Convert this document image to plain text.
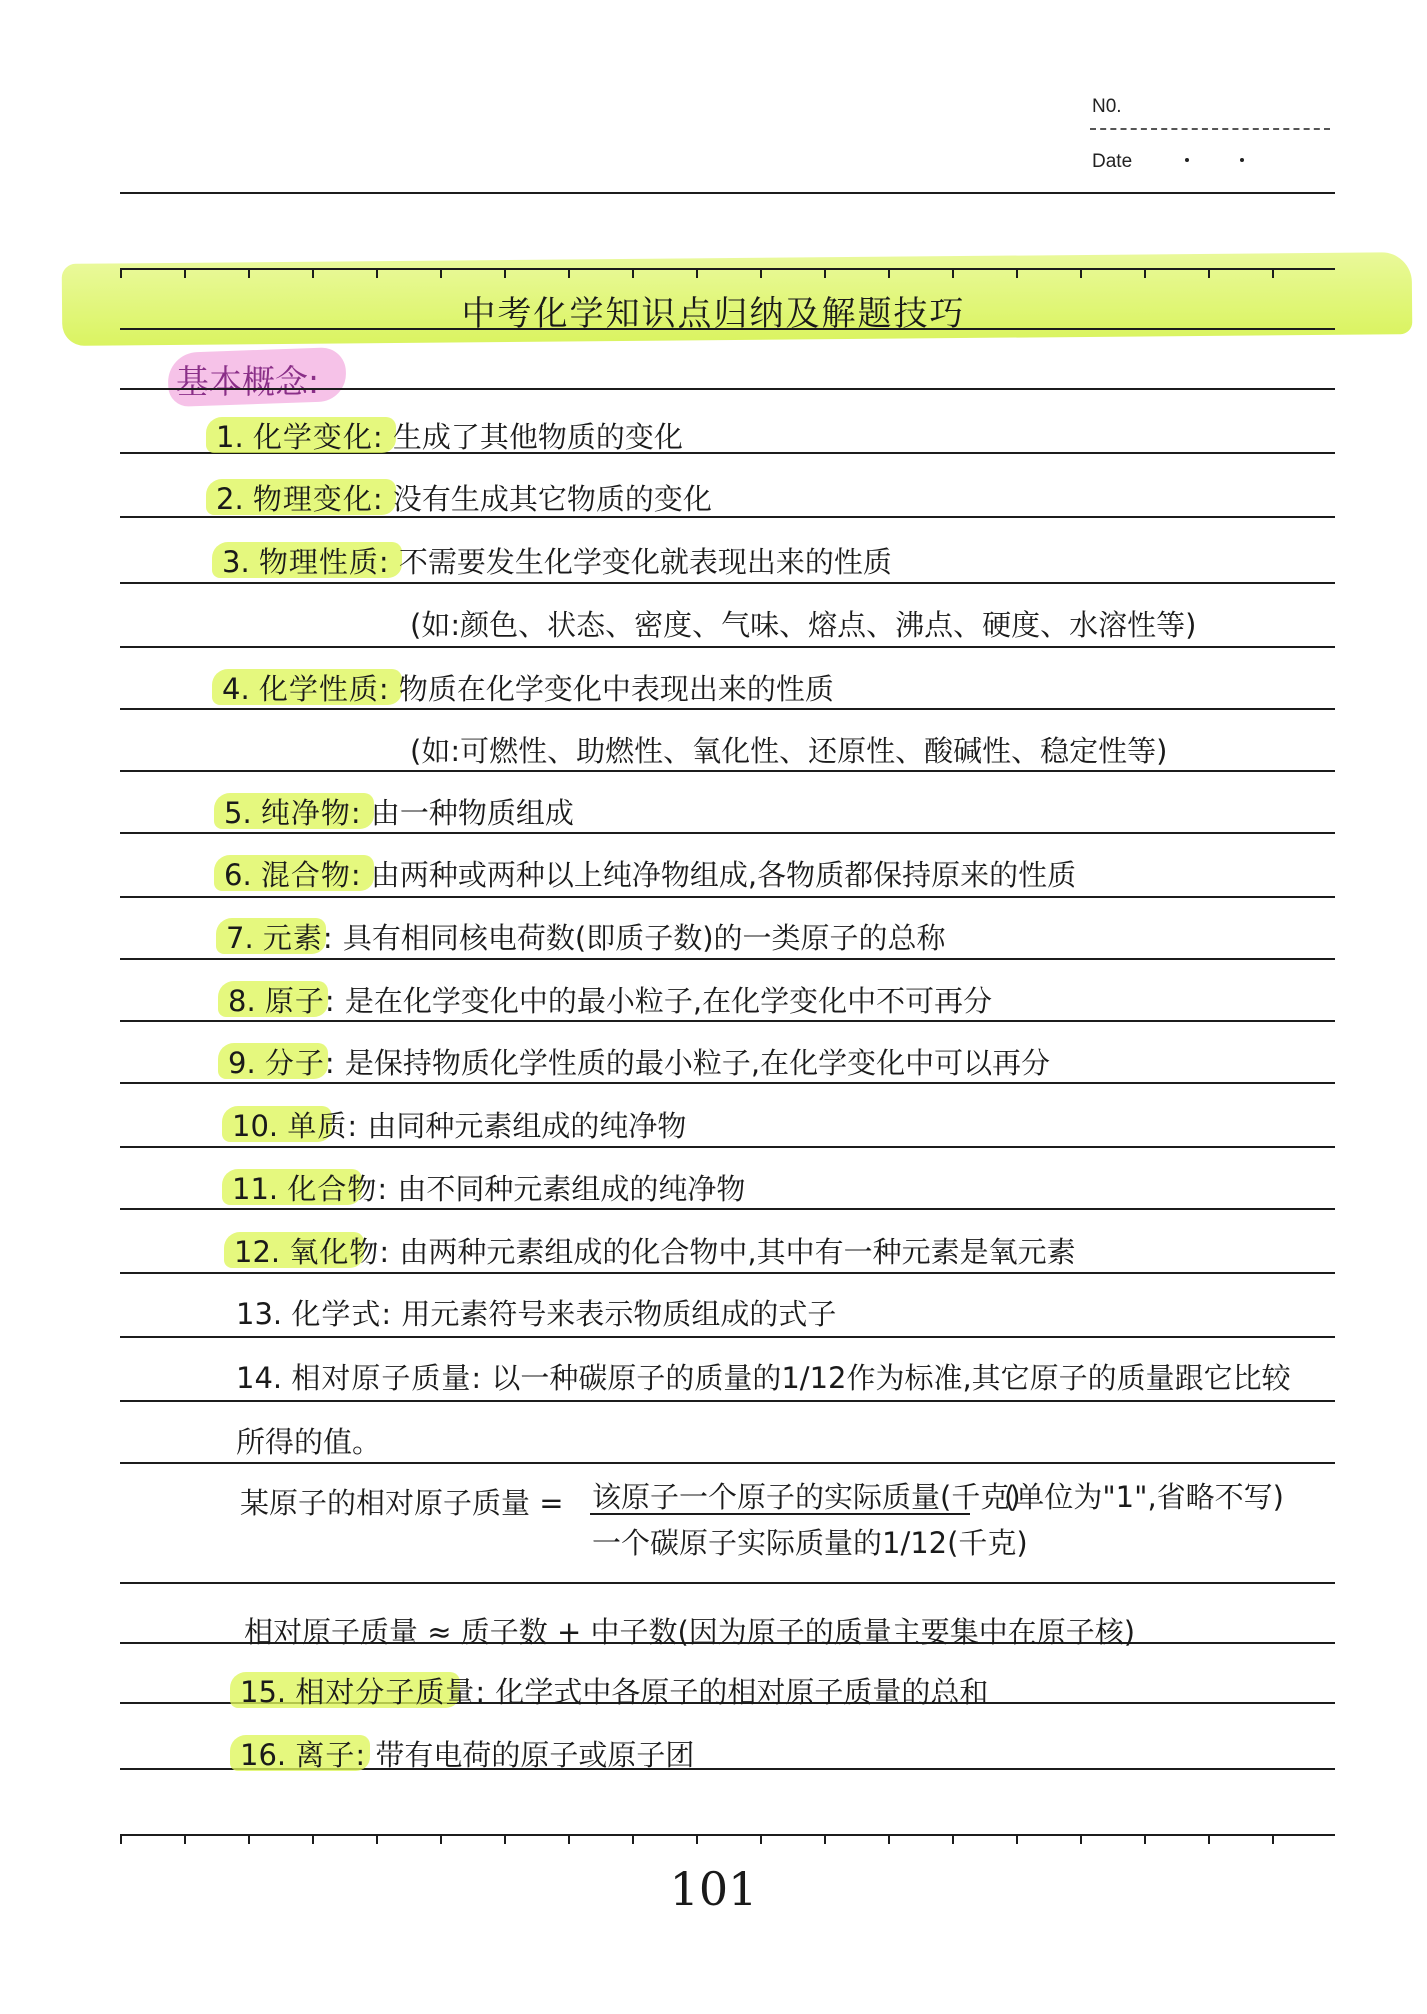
N0.
Date
中考化学知识点归纳及解题技巧
基本概念:
1. 化学变化: 生成了其他物质的变化
2. 物理变化: 没有生成其它物质的变化
3. 物理性质: 不需要发生化学变化就表现出来的性质
(如:颜色、状态、密度、气味、熔点、沸点、硬度、水溶性等)
4. 化学性质: 物质在化学变化中表现出来的性质
(如:可燃性、助燃性、氧化性、还原性、酸碱性、稳定性等)
5. 纯净物: 由一种物质组成
6. 混合物: 由两种或两种以上纯净物组成,各物质都保持原来的性质
7. 元素: 具有相同核电荷数(即质子数)的一类原子的总称
8. 原子: 是在化学变化中的最小粒子,在化学变化中不可再分
9. 分子: 是保持物质化学性质的最小粒子,在化学变化中可以再分
10. 单质: 由同种元素组成的纯净物
11. 化合物: 由不同种元素组成的纯净物
12. 氧化物: 由两种元素组成的化合物中,其中有一种元素是氧元素
13. 化学式: 用元素符号来表示物质组成的式子
14. 相对原子质量: 以一种碳原子的质量的1/12作为标准,其它原子的质量跟它比较
所得的值。
15. 相对分子质量: 化学式中各原子的相对原子质量的总和
16. 离子: 带有电荷的原子或原子团
某原子的相对原子质量 = 该原子一个原子的实际质量(千克)
(单位为"1",省略不写)
一个碳原子实际质量的1/12(千克)
相对原子质量 ≈ 质子数 + 中子数(因为原子的质量主要集中在原子核)
101
